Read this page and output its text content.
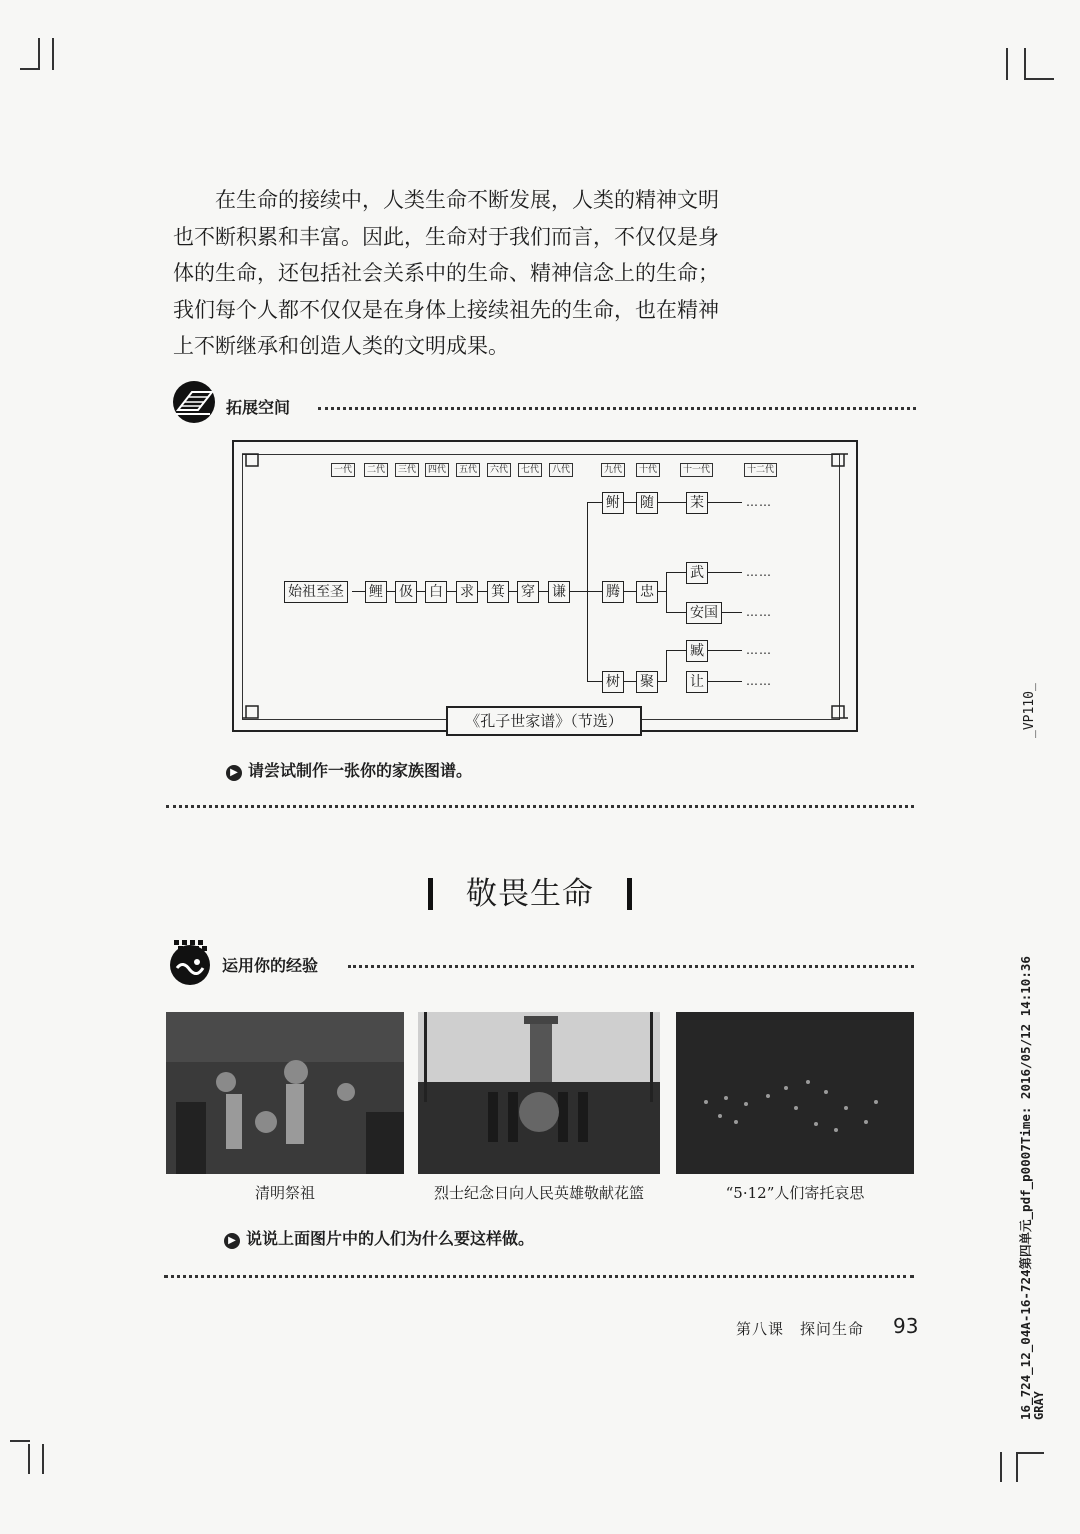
在生命的接续中，人类生命不断发展，人类的精神文明

也不断积累和丰富。因此，生命对于我们而言，不仅仅是身

体的生命，还包括社会关系中的生命、精神信念上的生命；

我们每个人都不仅仅是在身体上接续祖先的生命，也在精神

上不断继承和创造人类的文明成果。

拓展空间
一代	二代	三代	四代	五代	六代	七代	八代	九代	十代	十一代	十二代
始祖至圣 鲤 伋 白 求 箕 穿 谦
鲋 随	茉
腾 忠
武
安国
树 聚
臧
让
……
……
……
……
……
《孔子世家谱》（节选）
▶ 请尝试制作一张你的家族图谱。
敬畏生命
运用你的经验
清明祭祖	烈士纪念日向人民英雄敬献花篮	“5·12”人们寄托哀思
▶ 说说上面图片中的人们为什么要这样做。
第八课　探问生命 93
_VP110_
16_724_12_04A-16-724第四单元_pdf_p0007Time: 2016/05/12 14:10:36 GRAY
